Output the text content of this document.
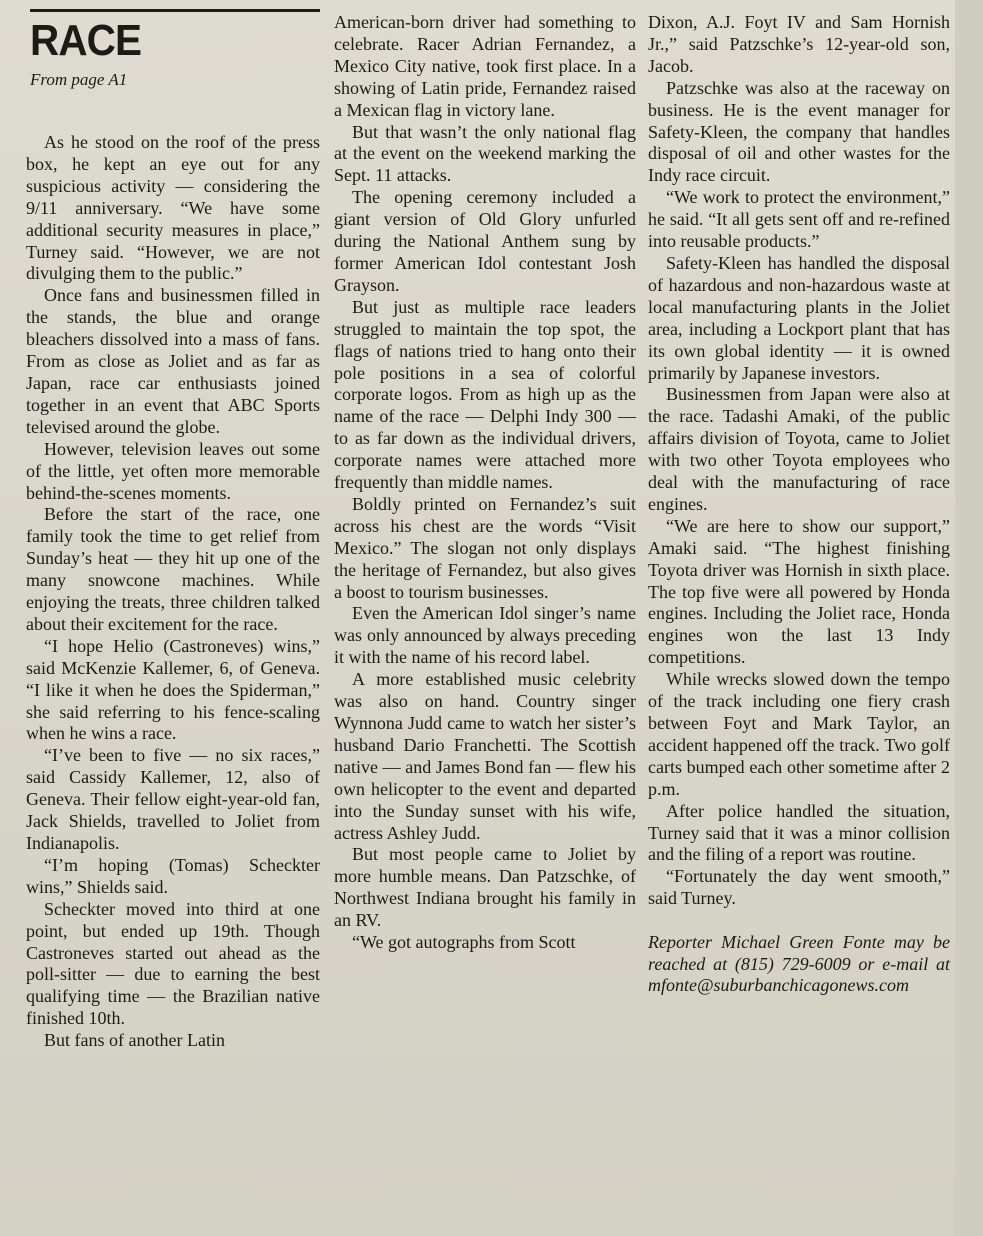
RACE
From page A1

As he stood on the roof of the press box, he kept an eye out for any suspicious activity — considering the 9/11 anniversary. “We have some additional security measures in place,” Turney said. “However, we are not divulging them to the public.”

Once fans and businessmen filled in the stands, the blue and orange bleachers dissolved into a mass of fans. From as close as Joliet and as far as Japan, race car enthusiasts joined together in an event that ABC Sports televised around the globe.

However, television leaves out some of the little, yet often more memorable behind-the-scenes moments.

Before the start of the race, one family took the time to get relief from Sunday’s heat — they hit up one of the many snowcone machines. While enjoying the treats, three children talked about their excitement for the race.

“I hope Helio (Castroneves) wins,” said McKenzie Kallemer, 6, of Geneva. “I like it when he does the Spiderman,” she said referring to his fence-scaling when he wins a race.

“I’ve been to five — no six races,” said Cassidy Kallemer, 12, also of Geneva. Their fellow eight-year-old fan, Jack Shields, travelled to Joliet from Indianapolis.

“I’m hoping (Tomas) Scheckter wins,” Shields said.

Scheckter moved into third at one point, but ended up 19th. Though Castroneves started out ahead as the poll-sitter — due to earning the best qualifying time — the Brazilian native finished 10th.

But fans of another Latin

American-born driver had something to celebrate. Racer Adrian Fernandez, a Mexico City native, took first place. In a showing of Latin pride, Fernandez raised a Mexican flag in victory lane.

But that wasn’t the only national flag at the event on the weekend marking the Sept. 11 attacks.

The opening ceremony included a giant version of Old Glory unfurled during the National Anthem sung by former American Idol contestant Josh Grayson.

But just as multiple race leaders struggled to maintain the top spot, the flags of nations tried to hang onto their pole positions in a sea of colorful corporate logos. From as high up as the name of the race — Delphi Indy 300 — to as far down as the individual drivers, corporate names were attached more frequently than middle names.

Boldly printed on Fernandez’s suit across his chest are the words “Visit Mexico.” The slogan not only displays the heritage of Fernandez, but also gives a boost to tourism businesses.

Even the American Idol singer’s name was only announced by always preceding it with the name of his record label.

A more established music celebrity was also on hand. Country singer Wynnona Judd came to watch her sister’s husband Dario Franchetti. The Scottish native — and James Bond fan — flew his own helicopter to the event and departed into the Sunday sunset with his wife, actress Ashley Judd.

But most people came to Joliet by more humble means. Dan Patzschke, of Northwest Indiana brought his family in an RV.

“We got autographs from Scott

Dixon, A.J. Foyt IV and Sam Hornish Jr.,” said Patzschke’s 12-year-old son, Jacob.

Patzschke was also at the raceway on business. He is the event manager for Safety-Kleen, the company that handles disposal of oil and other wastes for the Indy race circuit.

“We work to protect the environment,” he said. “It all gets sent off and re-refined into reusable products.”

Safety-Kleen has handled the disposal of hazardous and non-hazardous waste at local manufacturing plants in the Joliet area, including a Lockport plant that has its own global identity — it is owned primarily by Japanese investors.

Businessmen from Japan were also at the race. Tadashi Amaki, of the public affairs division of Toyota, came to Joliet with two other Toyota employees who deal with the manufacturing of race engines.

“We are here to show our support,” Amaki said. “The highest finishing Toyota driver was Hornish in sixth place. The top five were all powered by Honda engines. Including the Joliet race, Honda engines won the last 13 Indy competitions.

While wrecks slowed down the tempo of the track including one fiery crash between Foyt and Mark Taylor, an accident happened off the track. Two golf carts bumped each other sometime after 2 p.m.

After police handled the situation, Turney said that it was a minor collision and the filing of a report was routine.

“Fortunately the day went smooth,” said Turney.

Reporter Michael Green Fonte may be reached at (815) 729-6009 or e-mail at mfonte@suburbanchicagonews.com
